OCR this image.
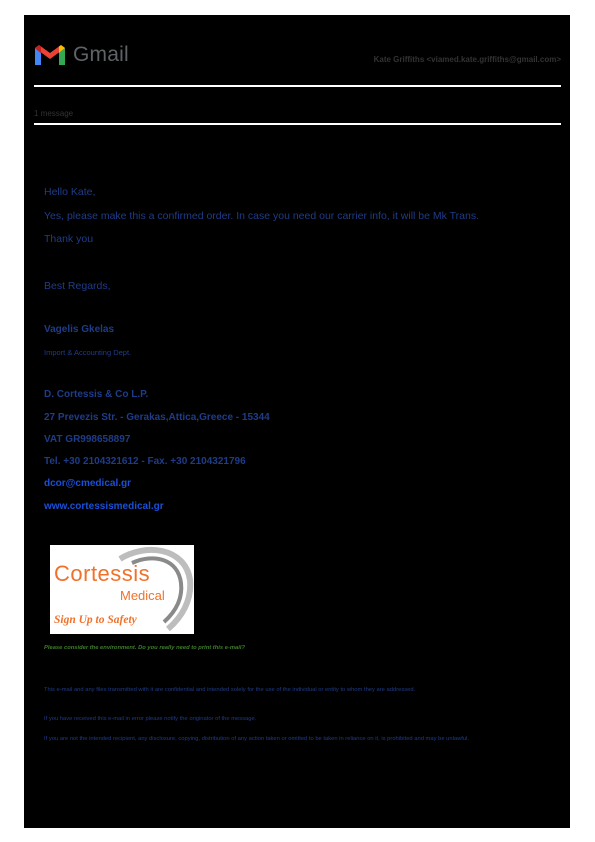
Gmail	Kate Griffiths <viamed.kate.griffiths@gmail.com>
1 message
Hello Kate,
Yes, please make this a confirmed order. In case you need our carrier info, it will be Mk Trans.
Thank you
Best Regards,
Vagelis Gkelas
Import & Accounting Dept.
D. Cortessis & Co L.P.
27 Prevezis Str. - Gerakas,Attica,Greece - 15344
VAT GR998658897
Tel. +30 2104321612 - Fax. +30 2104321796
dcor@cmedical.gr
www.cortessismedical.gr
Cortessis
Medical
Sign Up to Safety
Please consider the environment. Do you really need to print this e-mail?
This e-mail and any files transmitted with it are confidential and intended solely for the use of the individual or entity to whom they are addressed.
If you have received this e-mail in error please notify the originator of the message.
If you are not the intended recipient, any disclosure, copying, distribution of any action taken or omitted to be taken in reliance on it, is prohibited and may be unlawful.
